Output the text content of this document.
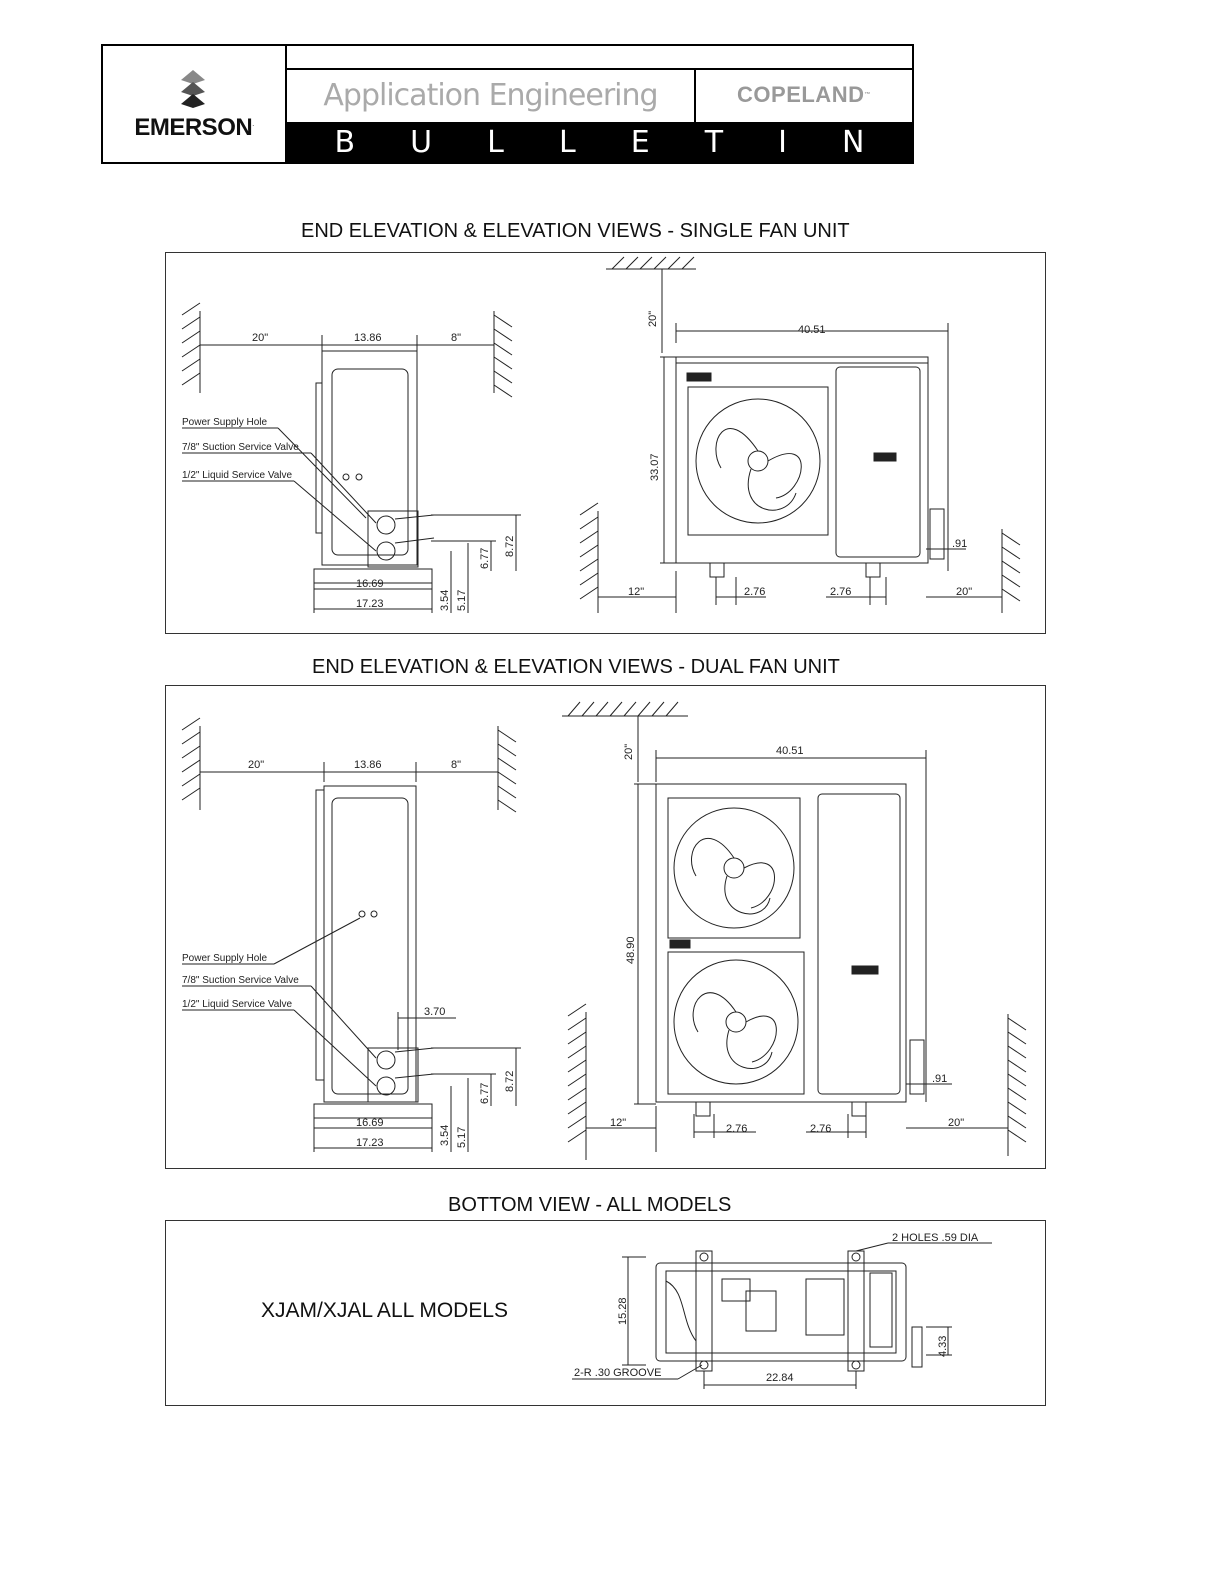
EMERSON.
Application Engineering	COPELAND ™
B U L L E T I N
END ELEVATION & ELEVATION VIEWS - SINGLE FAN UNIT
Power Supply Hole
7/8" Suction Service Valve
1/2" Liquid Service Valve
20"	13.86	8"
16.69
17.23	3.54 5.17
6.77
8.72
20"
40.51
33.07
12"	2.76	2.76
.91
20"
END ELEVATION & ELEVATION VIEWS - DUAL FAN UNIT
Power Supply Hole
7/8" Suction Service Valve
1/2" Liquid Service Valve
20"	13.86	8"
3.70
16.69
17.23	3.54 5.17
6.77
8.72
20"	40.51
48.90
12"	2.76	2.76
.91
20"
BOTTOM VIEW - ALL MODELS
XJAM/XJAL ALL MODELS
2 HOLES .59 DIA
2-R .30 GROOVE
15.28
22.84
4.33
